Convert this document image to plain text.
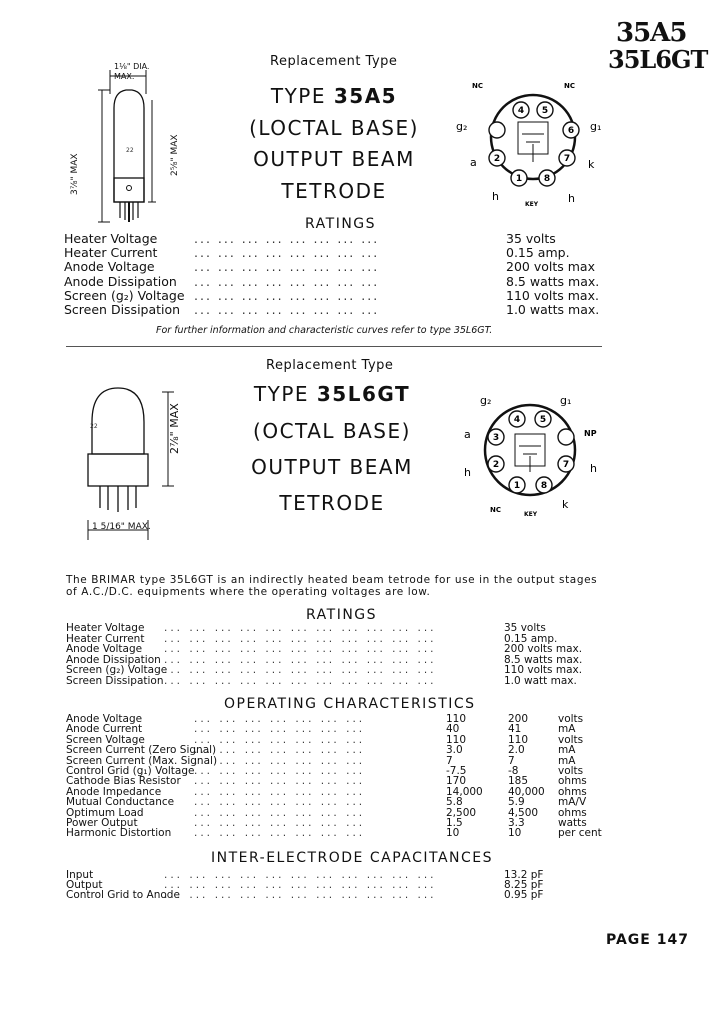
35A5
35L6GT
22
1⅛" DIA. MAX.
3⅞" MAX	2⅝" MAX
Replacement Type
TYPE 35A5
(LOCTAL BASE)
OUTPUT BEAM
TETRODE
NC	NC
g₂	g₁
a	k
h	h
KEY
4 5
6
7
8
1
2
RATINGS
Heater Voltage	... ... ... ... ... ... ... ...	35 volts
Heater Current	... ... ... ... ... ... ... ...	0.15 amp.
Anode Voltage	... ... ... ... ... ... ... ...	200 volts max
Anode Dissipation ... ... ... ... ... ... ... ...	8.5 watts max.
Screen (g₂) Voltage ... ... ... ... ... ... ... ...	110 volts max.
Screen Dissipation ... ... ... ... ... ... ... ...	1.0 watts max.
For further information and characteristic curves refer to type 35L6GT.
22	2⅞" MAX
1 5/16" MAX.
Replacement Type
TYPE 35L6GT
(OCTAL BASE)
OUTPUT BEAM
TETRODE
g₂	g₁
a	NP
h	h
NC
KEY
k
4 5
7
8
1
2
3
The BRIMAR type 35L6GT is an indirectly heated beam tetrode for use in the output stages of A.C./D.C. equipments where the operating voltages are low.
RATINGS
Heater Voltage ... ... ... ... ... ... ... ... ... ... ...	35 volts
Heater Current ... ... ... ... ... ... ... ... ... ... ...	0.15 amp.
Anode Voltage ... ... ... ... ... ... ... ... ... ... ...	200 volts max.
Anode Dissipation ... ... ... ... ... ... ... ... ... ... ...	8.5 watts max.
Screen (g₂) Voltage
... ... ... ... ... ... ... ... ... ... ...	110 volts max.
Screen Dissipation ... ... ... ... ... ... ... ... ... ... ...	1.0 watt max.
OPERATING CHARACTERISTICS
Anode Voltage	... ... ... ... ... ... ...	110	200	volts
Anode Current	... ... ... ... ... ... ...	40	41	mA
Screen Voltage	... ... ... ... ... ... ...	110	110	volts
Screen Current (Zero Signal)
... ... ... ... ... ... ...	3.0	2.0	mA
Screen Current (Max. Signal)
... ... ... ... ... ... ...	7	7	mA
Control Grid (g₁) Voltage ... ... ... ... ... ... ...	-7.5	-8	volts
Cathode Bias Resistor ... ... ... ... ... ... ...	170	185	ohms
Anode Impedance	... ... ... ... ... ... ...	14,000 40,000 ohms
Mutual Conductance ... ... ... ... ... ... ...	5.8	5.9	mA/V
Optimum Load	... ... ... ... ... ... ...	2,500	4,500 ohms
Power Output	... ... ... ... ... ... ...	1.5	3.3	watts
Harmonic Distortion ... ... ... ... ... ... ...	10	10	per cent
INTER-ELECTRODE CAPACITANCES
Input	... ... ... ... ... ... ... ... ... ... ...	13.2 pF
Output	... ... ... ... ... ... ... ... ... ... ...	8.25 pF
Control Grid to Anode
... ... ... ... ... ... ... ... ... ... ...	0.95 pF
PAGE 147
